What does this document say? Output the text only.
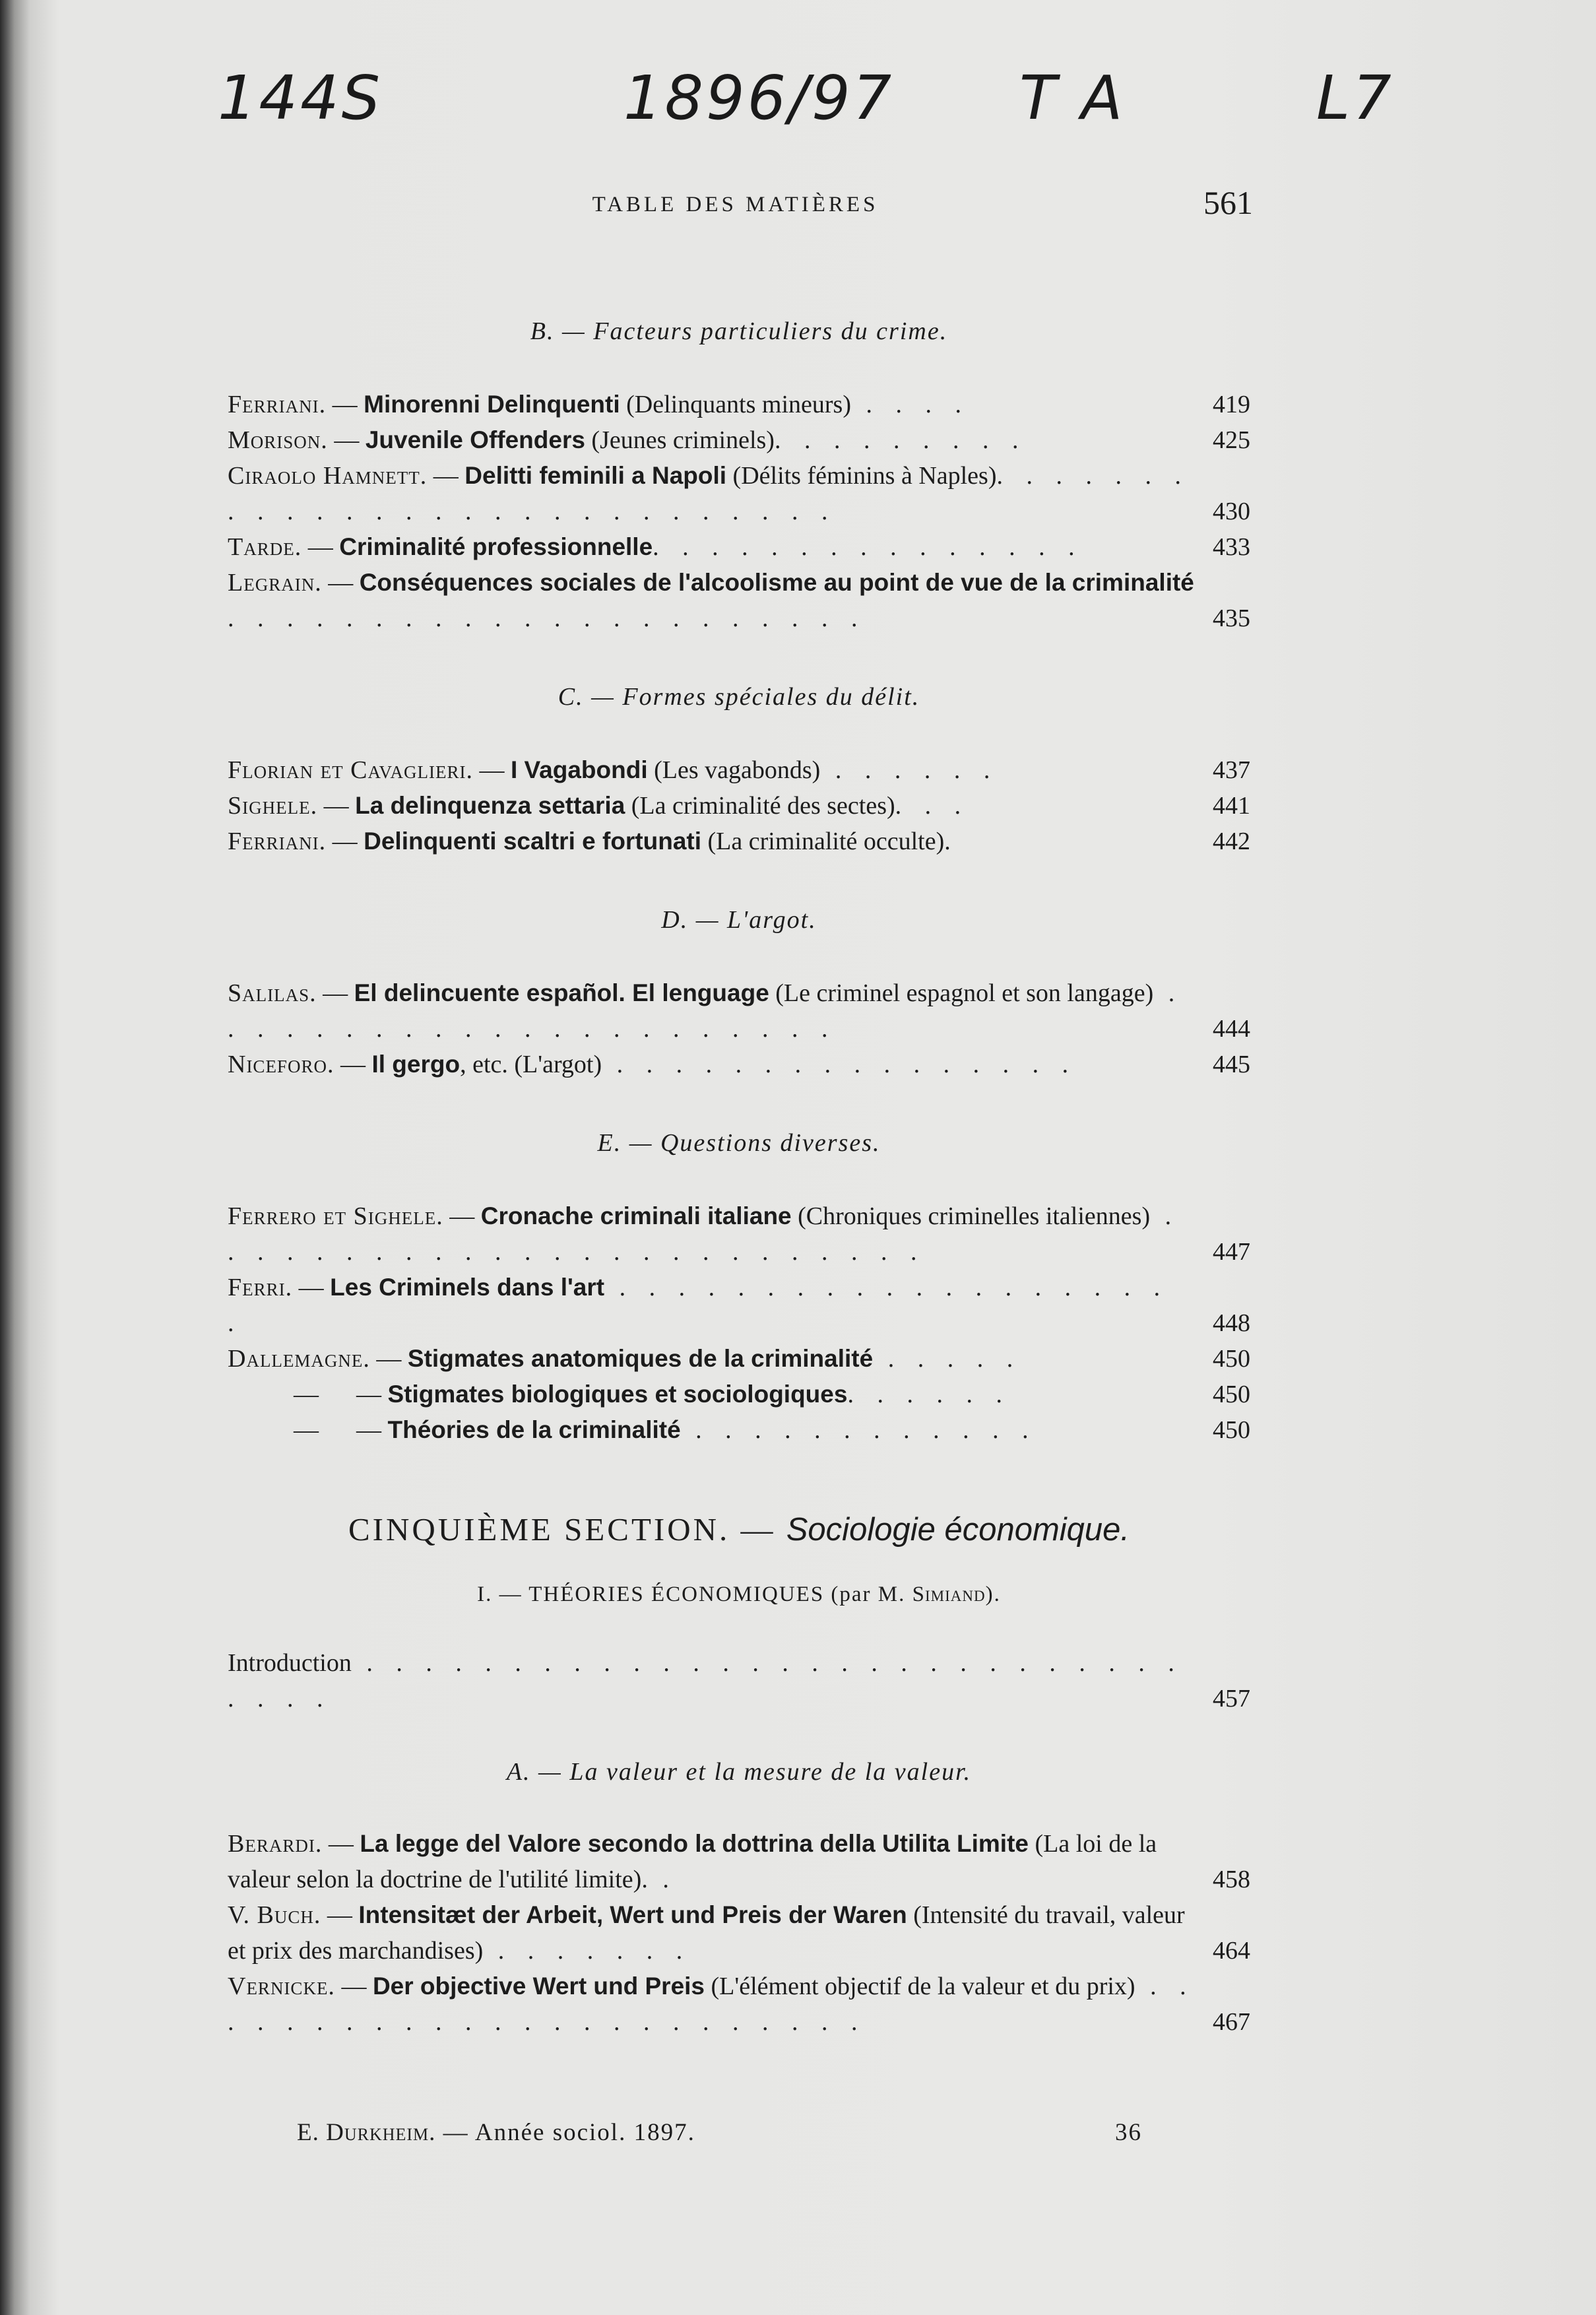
144S	1896/97 T A	L7
TABLE DES MATIÈRES	561
B. — Facteurs particuliers du crime.
Ferriani. — Minorenni Delinquenti (Delinquants mineurs) . . . .	419
Morison. — Juvenile Offenders (Jeunes criminels). . . . . . . . .	425
Ciraolo Hamnett. — Delitti feminili a Napoli (Délits féminins à Naples). . . . . . . . . . . . . . . . . . . . . . . . . . . .	430
Tarde. — Criminalité professionnelle. . . . . . . . . . . . . . .	433
Legrain. — Conséquences sociales de l'alcoolisme au point de vue de la criminalité . . . . . . . . . . . . . . . . . . . . . .	435
C. — Formes spéciales du délit.
Florian et Cavaglieri. — I Vagabondi (Les vagabonds) . . . . . .	437
Sighele. — La delinquenza settaria (La criminalité des sectes). . .	441
Ferriani. — Delinquenti scaltri e fortunati (La criminalité occulte).	442
D. — L'argot.
Salilas. — El delincuente español. El lenguage (Le criminel espagnol et son langage) . . . . . . . . . . . . . . . . . . . . . .	444
Niceforo. — Il gergo, etc. (L'argot) . . . . . . . . . . . . . . . .	445
E. — Questions diverses.
Ferrero et Sighele. — Cronache criminali italiane (Chroniques criminelles italiennes) . . . . . . . . . . . . . . . . . . . . . . . . .	447
Ferri. — Les Criminels dans l'art . . . . . . . . . . . . . . . . . . . .	448
Dallemagne. — Stigmates anatomiques de la criminalité . . . . .	450
—      — Stigmates biologiques et sociologiques. . . . . .	450
—      — Théories de la criminalité . . . . . . . . . . . .	450
CINQUIÈME SECTION. — Sociologie économique.
I. — THÉORIES ÉCONOMIQUES (par M. Simiand).
Introduction . . . . . . . . . . . . . . . . . . . . . . . . . . . . . . . .	457
A. — La valeur et la mesure de la valeur.
Berardi. — La legge del Valore secondo la dottrina della Utilita Limite (La loi de la valeur selon la doctrine de l'utilité limite). .	458
V. Buch. — Intensitæt der Arbeit, Wert und Preis der Waren (Intensité du travail, valeur et prix des marchandises) . . . . . . .	464
Vernicke. — Der objective Wert und Preis (L'élément objectif de la valeur et du prix) . . . . . . . . . . . . . . . . . . . . . . . .	467
E. Durkheim. — Année sociol. 1897.	36
